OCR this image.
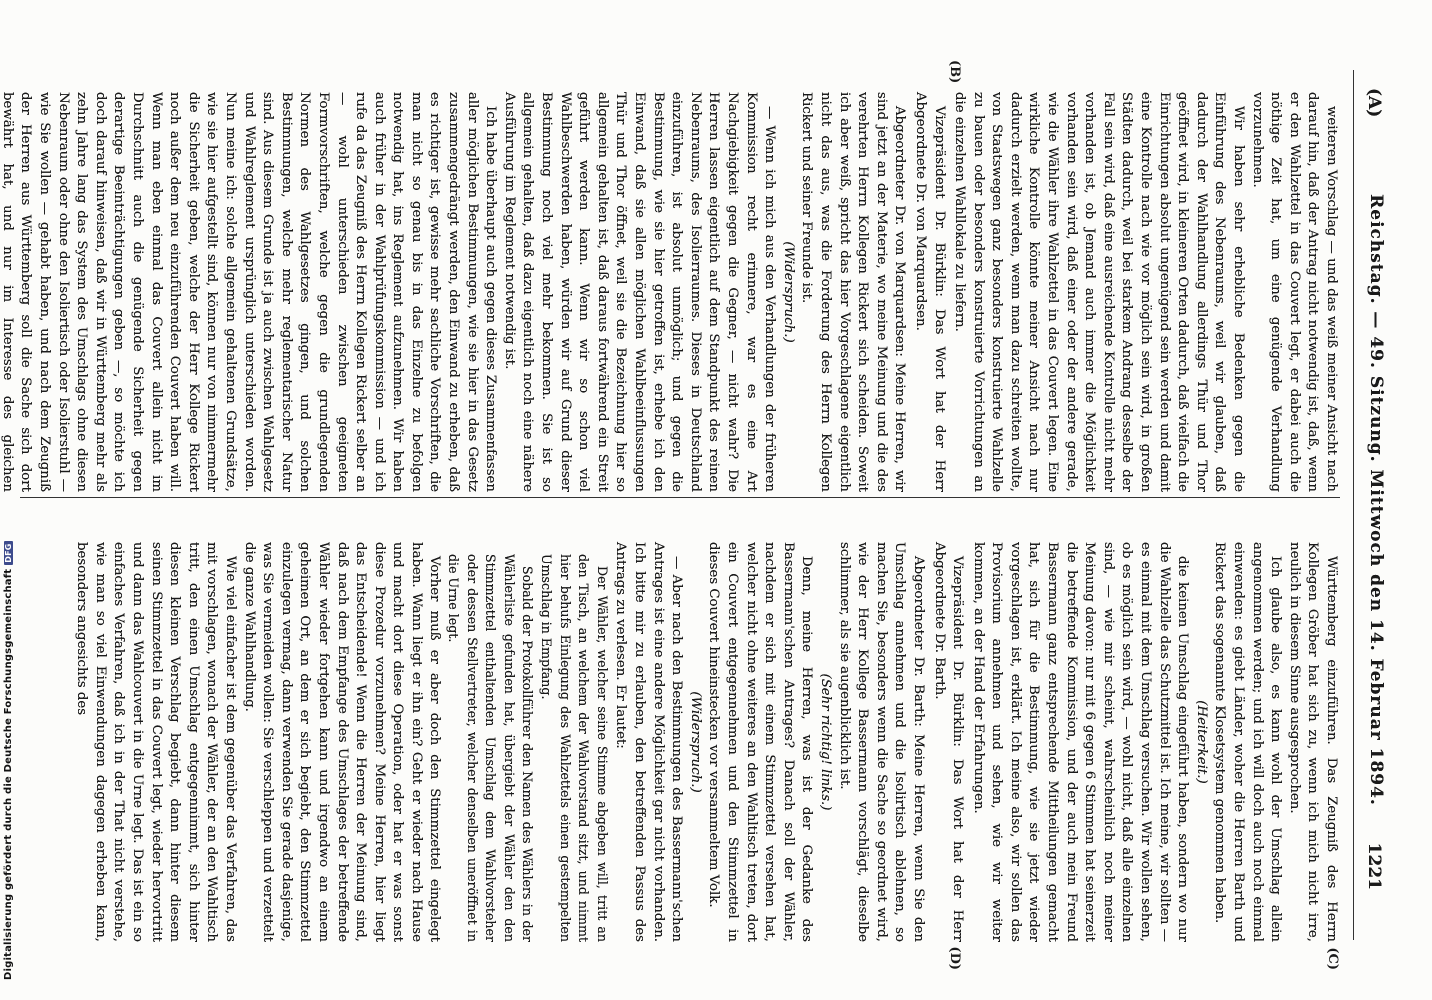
(A)
Reichstag. — 49. Sitzung. Mittwoch den 14. Februar 1894.
1221
(B)
(C)
(D)

weiteren Vorschlag — und das weiß meiner Ansicht nach darauf hin, daß der Antrag nicht notwendig ist, daß, wenn er den Wahlzettel in das Couvert legt, er dabei auch die nöthige Zeit hat, um eine genügende Verhandlung vorzunehmen.

Wir haben sehr erhebliche Bedenken gegen die Einführung des Nebenraums, weil wir glauben, daß dadurch der Wahlhandlung allerdings Thür und Thor geöffnet wird, in kleineren Orten dadurch, daß vielfach die Einrichtungen absolut ungenügend sein werden und damit eine Kontrolle nach wie vor möglich sein wird, in großen Städten dadurch, weil bei starkem Andrang desselbe der Fall sein wird, daß eine ausreichende Kontrolle nicht mehr vorhanden ist, ob Jemand auch immer die Möglichkeit vorhanden sein wird, daß einer oder der andere gerade, wie die Wähler ihre Wahlzettel in das Couvert legen. Eine wirkliche Kontrolle könnte meiner Ansicht nach nur dadurch erzielt werden, wenn man dazu schreiten wollte, von Staatswegen ganz besonders konstruierte Wahlzelle zu bauen oder besonders konstruierte Vorrichtungen an die einzelnen Wahllokale zu liefern.

Vizepräsident Dr. Bürklin: Das Wort hat der Herr Abgeordnete Dr. von Marquardsen.

Abgeordneter Dr. von Marquardsen: Meine Herren, wir sind jetzt an der Materie, wo meine Meinung und die des verehrten Herrn Kollegen Rickert sich scheiden. Soweit ich aber weiß, spricht das hier Vorgeschlagene eigentlich nicht das aus, was die Forderung des Herrn Kollegen Rickert und seiner Freunde ist.

(Widerspruch.)

— Wenn ich mich aus den Verhandlungen der früheren Kommission recht erinnere, war es eine Art Nachgiebigkeit gegen die Gegner, — nicht wahr? Die Herren lassen eigentlich auf dem Standpunkt des reinen Nebenraums, des Isolierraumes. Dieses in Deutschland einzuführen, ist absolut unmöglich; und gegen die Bestimmung, wie sie hier getroffen ist, erhebe ich den Einwand, daß sie allen möglichen Wahlbeeinflussungen Thür und Thor öffnet, weil sie die Bezeichnung hier so allgemein gehalten ist, daß daraus fortwährend ein Streit geführt werden kann. Wenn wir so schon viel Wahlbeschwerden haben, würden wir auf Grund dieser Bestimmung noch viel mehr bekommen. Sie ist so allgemein gehalten, daß dazu eigentlich noch eine nähere Ausführung im Reglement notwendig ist.

Ich habe überhaupt auch gegen dieses Zusammenfassen aller möglichen Bestimmungen, wie sie hier in das Gesetz zusammengedrängt werden, den Einwand zu erheben, daß es richtiger ist, gewisse mehr sachliche Vorschriften, die man nicht so genau bis in das Einzelne zu befolgen notwendig hat, ins Reglement aufzunehmen. Wir haben auch früher in der Wahlprüfungskommission — und ich rufe da das Zeugniß des Herrn Kollegen Rickert selber an — wohl unterschieden zwischen geeigneten Formvorschriften, welche gegen die grundlegenden Normen des Wahlgesetzes gingen, und solchen Bestimmungen, welche mehr reglementarischer Natur sind. Aus diesem Grunde ist ja auch zwischen Wahlgesetz und Wahlreglement ursprünglich unterschieden worden. Nun meine ich: solche allgemein gehaltenen Grundsätze, wie sie hier aufgestellt sind, können nur von nimmermehr die Sicherheit geben, welche der Herr Kollege Rickert noch außer dem neu einzuführenden Couvert haben will. Wenn man eben einmal das Couvert allein nicht im Durchschnitt auch die genügende Sicherheit gegen derartige Beeinträchtigungen geben —, so möchte ich doch darauf hinweisen, daß wir in Württemberg mehr als zehn Jahre lang das System des Umschlags ohne diesen Nebenraum oder ohne den Isoliertisch oder Isolierstuhl — wie Sie wollen — gehabt haben, und nach dem Zeugniß der Herren aus Württemberg soll die Sache sich dort bewährt hat, und nur im Interesse des gleichen

Württemberg einzuführen. Das Zeugniß des Herrn Kollegen Gröber hat sich zu, wenn ich mich nicht irre, neulich in diesem Sinne ausgesprochen.

Ich glaube also, es kann wohl der Umschlag allein angenommen werden; und ich will doch auch noch einmal einwenden: es giebt Länder, woher die Herren Barth und Rickert das sogenannte Klosetsystem genommen haben.

(Heiterkeit.)

die keinen Umschlag eingeführt haben, sondern wo nur die Wahlzelle das Schutzmittel ist. Ich meine, wir sollten — es einmal mit dem Umschlag versuchen. Wir wollen sehen, ob es möglich sein wird, — wohl nicht, daß alle einzelnen sind, — wie mir scheint, wahrscheinlich noch meiner Meinung davon: nur mit 6 gegen 6 Stimmen hat seinerzeit die betreffende Kommission, und der auch mein Freund Bassermann ganz entsprechende Mittheilungen gemacht hat, sich für die Bestimmung, wie sie jetzt wieder vorgeschlagen ist, erklärt. Ich meine also, wir sollen das Provisorium annehmen und sehen, wie wir weiter kommen, an der Hand der Erfahrungen.

Vizepräsident Dr. Bürklin: Das Wort hat der Herr Abgeordnete Dr. Barth.

Abgeordneter Dr. Barth: Meine Herren, wenn Sie den Umschlag annehmen und die Isolirtisch ablehnen, so machen Sie, besonders wenn die Sache so geordnet wird, wie der Herr Kollege Bassermann vorschlägt, dieselbe schlimmer, als sie augenblicklich ist.

(Sehr richtig! links.)

Denn, meine Herren, was ist der Gedanke des Bassermann'schen Antrages? Danach soll der Wähler, nachdem er sich mit einem Stimmzettel versehen hat, welcher nicht ohne weiteres an den Wahltisch treten, dort ein Couvert entgegennehmen und den Stimmzettel in dieses Couvert hineinstecken vor versammeltem Volk.

(Widerspruch.)

— Aber nach den Bestimmungen des Bassermann'schen Antrages ist eine andere Möglichkeit gar nicht vorhanden. Ich bitte mir zu erlauben, den betreffenden Passus des Antrags zu verlesen. Er lautet:

Der Wähler, welcher seine Stimme abgeben will, tritt an den Tisch, an welchem der Wahlvorstand sitzt, und nimmt hier behufs Einlegung des Wahlzettels einen gestempelten Umschlag in Empfang.

Sobald der Protokollführer den Namen des Wählers in der Wählerliste gefunden hat, übergiebt der Wähler den den Stimmzettel enthaltenden Umschlag dem Wahlvorsteher oder dessen Stellvertreter, welcher denselben uneröffnet in die Urne legt.

Vorher muß er aber doch den Stimmzettel eingelegt haben. Wann liegt er ihn ein? Geht er wieder nach Hause und macht dort diese Operation, oder hat er was sonst diese Prozedur vorzunehmen? Meine Herren, hier liegt das Entscheidende! Wenn die Herren der Meinung sind, daß nach dem Empfange des Umschlages der betreffende Wähler wieder fortgehen kann und irgendwo an einem geheimen Ort, an dem er sich begiebt, den Stimmzettel einzulegen vermag, dann verwenden Sie gerade dasjenige, was Sie vermeiden wollen: Sie verschleppen und verzettelt die ganze Wahlhandlung.

Wie viel einfacher ist dem gegenüber das Verfahren, das mit vorschlagen, wonach der Wähler, der an den Wahltisch tritt, den einen Umschlag entgegennimmt, sich hinter diesen kleinen Verschlag begiebt, dann hinter diesem seinen Stimmzettel in das Couvert legt, wieder hervortritt und dann das Wahlcouvert in die Urne legt. Das ist ein so einfaches Verfahren, daß ich in der That nicht verstehe, wie man so viel Einwendungen dagegen erheben kann, besonders angesichts des

Digitalisierung gefördert durch die Deutsche ForschungsgemeinschaftDFG
